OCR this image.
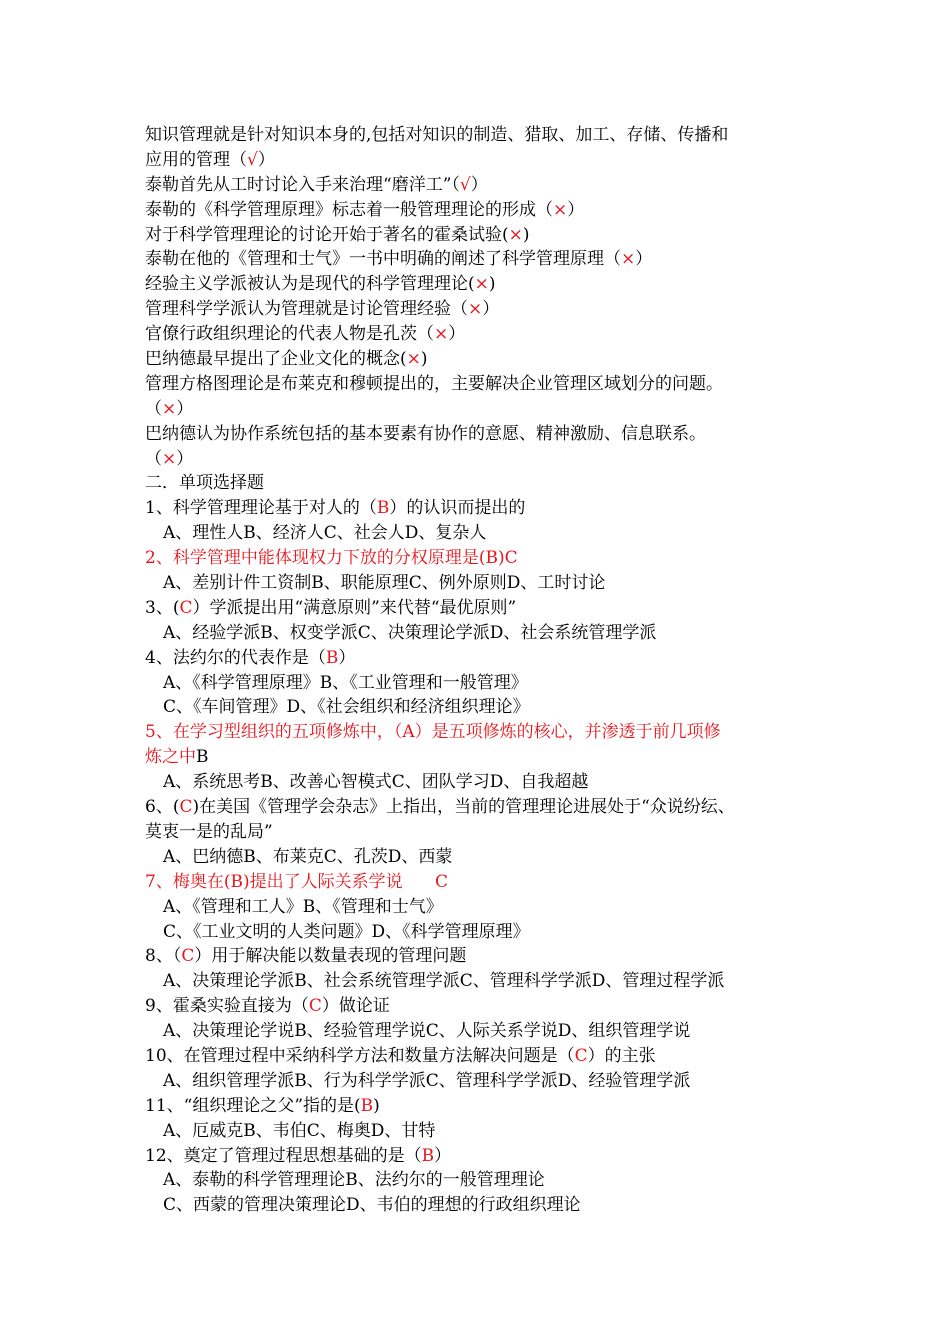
知识管理就是针对知识本身的,包括对知识的制造、猎取、加工、存储、传播和
应用的管理（√）
泰勒首先从工时讨论入手来治理“磨洋工”（√）
泰勒的《科学管理原理》标志着一般管理理论的形成（×）
对于科学管理理论的讨论开始于著名的霍桑试验(×)
泰勒在他的《管理和士气》一书中明确的阐述了科学管理原理（×）
经验主义学派被认为是现代的科学管理理论(×)
管理科学学派认为管理就是讨论管理经验（×）
官僚行政组织理论的代表人物是孔茨（×）
巴纳德最早提出了企业文化的概念(×)
管理方格图理论是布莱克和穆顿提出的，主要解决企业管理区域划分的问题。
（×）
巴纳德认为协作系统包括的基本要素有协作的意愿、精神激励、信息联系。
（×）
二．单项选择题
1、科学管理理论基于对人的（B）的认识而提出的
A、理性人B、经济人C、社会人D、复杂人
2、科学管理中能体现权力下放的分权原理是(B)C
A、差别计件工资制B、职能原理C、例外原则D、工时讨论
3、(C）学派提出用“满意原则”来代替“最优原则”
A、经验学派B、权变学派C、决策理论学派D、社会系统管理学派
4、法约尔的代表作是（B）
A、《科学管理原理》B、《工业管理和一般管理》
C、《车间管理》D、《社会组织和经济组织理论》
5、在学习型组织的五项修炼中，（A）是五项修炼的核心，并渗透于前几项修
炼之中B
A、系统思考B、改善心智模式C、团队学习D、自我超越
6、(C)在美国《管理学会杂志》上指出，当前的管理理论进展处于“众说纷纭、
莫衷一是的乱局”
A、巴纳德B、布莱克C、孔茨D、西蒙
7、梅奥在(B)提出了人际关系学说      C
A、《管理和工人》B、《管理和士气》
C、《工业文明的人类问题》D、《科学管理原理》
8、（C）用于解决能以数量表现的管理问题
A、决策理论学派B、社会系统管理学派C、管理科学学派D、管理过程学派
9、霍桑实验直接为（C）做论证
A、决策理论学说B、经验管理学说C、人际关系学说D、组织管理学说
10、在管理过程中采纳科学方法和数量方法解决问题是（C）的主张
A、组织管理学派B、行为科学学派C、管理科学学派D、经验管理学派
11、“组织理论之父”指的是(B)
A、厄威克B、韦伯C、梅奥D、甘特
12、奠定了管理过程思想基础的是（B）
A、泰勒的科学管理理论B、法约尔的一般管理理论
C、西蒙的管理决策理论D、韦伯的理想的行政组织理论
